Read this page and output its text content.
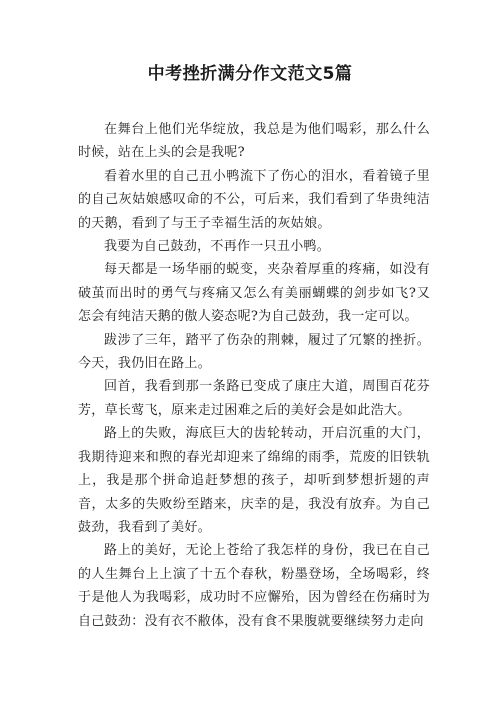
中考挫折满分作文范文5篇

在舞台上他们光华绽放，我总是为他们喝彩，那么什么时候，站在上头的会是我呢?

看着水里的自己丑小鸭流下了伤心的泪水，看着镜子里的自己灰姑娘感叹命的不公，可后来，我们看到了华贵纯洁的天鹅，看到了与王子幸福生活的灰姑娘。

我要为自己鼓劲，不再作一只丑小鸭。

每天都是一场华丽的蜕变，夹杂着厚重的疼痛，如没有破茧而出时的勇气与疼痛又怎么有美丽蝴蝶的剑步如飞?又怎会有纯洁天鹅的傲人姿态呢?为自己鼓劲，我一定可以。

跋涉了三年，踏平了伤杂的荆棘，履过了冗繁的挫折。今天，我仍旧在路上。

回首，我看到那一条路已变成了康庄大道，周围百花芬芳，草长莺飞，原来走过困难之后的美好会是如此浩大。

路上的失败，海底巨大的齿轮转动，开启沉重的大门，我期待迎来和煦的春光却迎来了绵绵的雨季，荒废的旧铁轨上，我是那个拼命追赶梦想的孩子，却听到梦想折翅的声音，太多的失败纷至踏来，庆幸的是，我没有放弃。为自己鼓劲，我看到了美好。

路上的美好，无论上苍给了我怎样的身份，我已在自己的人生舞台上上演了十五个春秋，粉墨登场，全场喝彩，终于是他人为我喝彩，成功时不应懈殆，因为曾经在伤痛时为自己鼓劲：没有衣不敝体，没有食不果腹就要继续努力走向
